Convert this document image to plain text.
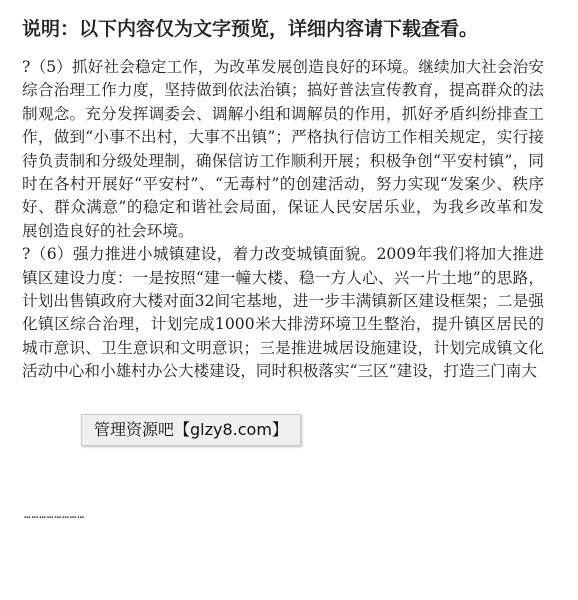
说明：以下内容仅为文字预览，详细内容请下载查看。

?（5）抓好社会稳定工作，为改革发展创造良好的环境。继续加大社会治安综合治理工作力度，坚持做到依法治镇；搞好普法宣传教育，提高群众的法制观念。充分发挥调委会、调解小组和调解员的作用，抓好矛盾纠纷排查工作，做到“小事不出村，大事不出镇”；严格执行信访工作相关规定，实行接待负责制和分级处理制，确保信访工作顺利开展；积极争创“平安村镇”，同时在各村开展好“平安村”、“无毒村”的创建活动，努力实现“发案少、秩序好、群众满意”的稳定和谐社会局面，保证人民安居乐业，为我乡改革和发展创造良好的社会环境。

?（6）强力推进小城镇建设，着力改变城镇面貌。2009年我们将加大推进镇区建设力度：一是按照“建一幢大楼、稳一方人心、兴一片土地”的思路，计划出售镇政府大楼对面32间宅基地，进一步丰满镇新区建设框架；二是强化镇区综合治理，计划完成1000米大排涝环境卫生整治，提升镇区居民的城市意识、卫生意识和文明意识；三是推进城居设施建设，计划完成镇文化活动中心和小雄村办公大楼建设，同时积极落实“三区”建设，打造三门南大

管理资源吧【glzy8.com】
……………………
